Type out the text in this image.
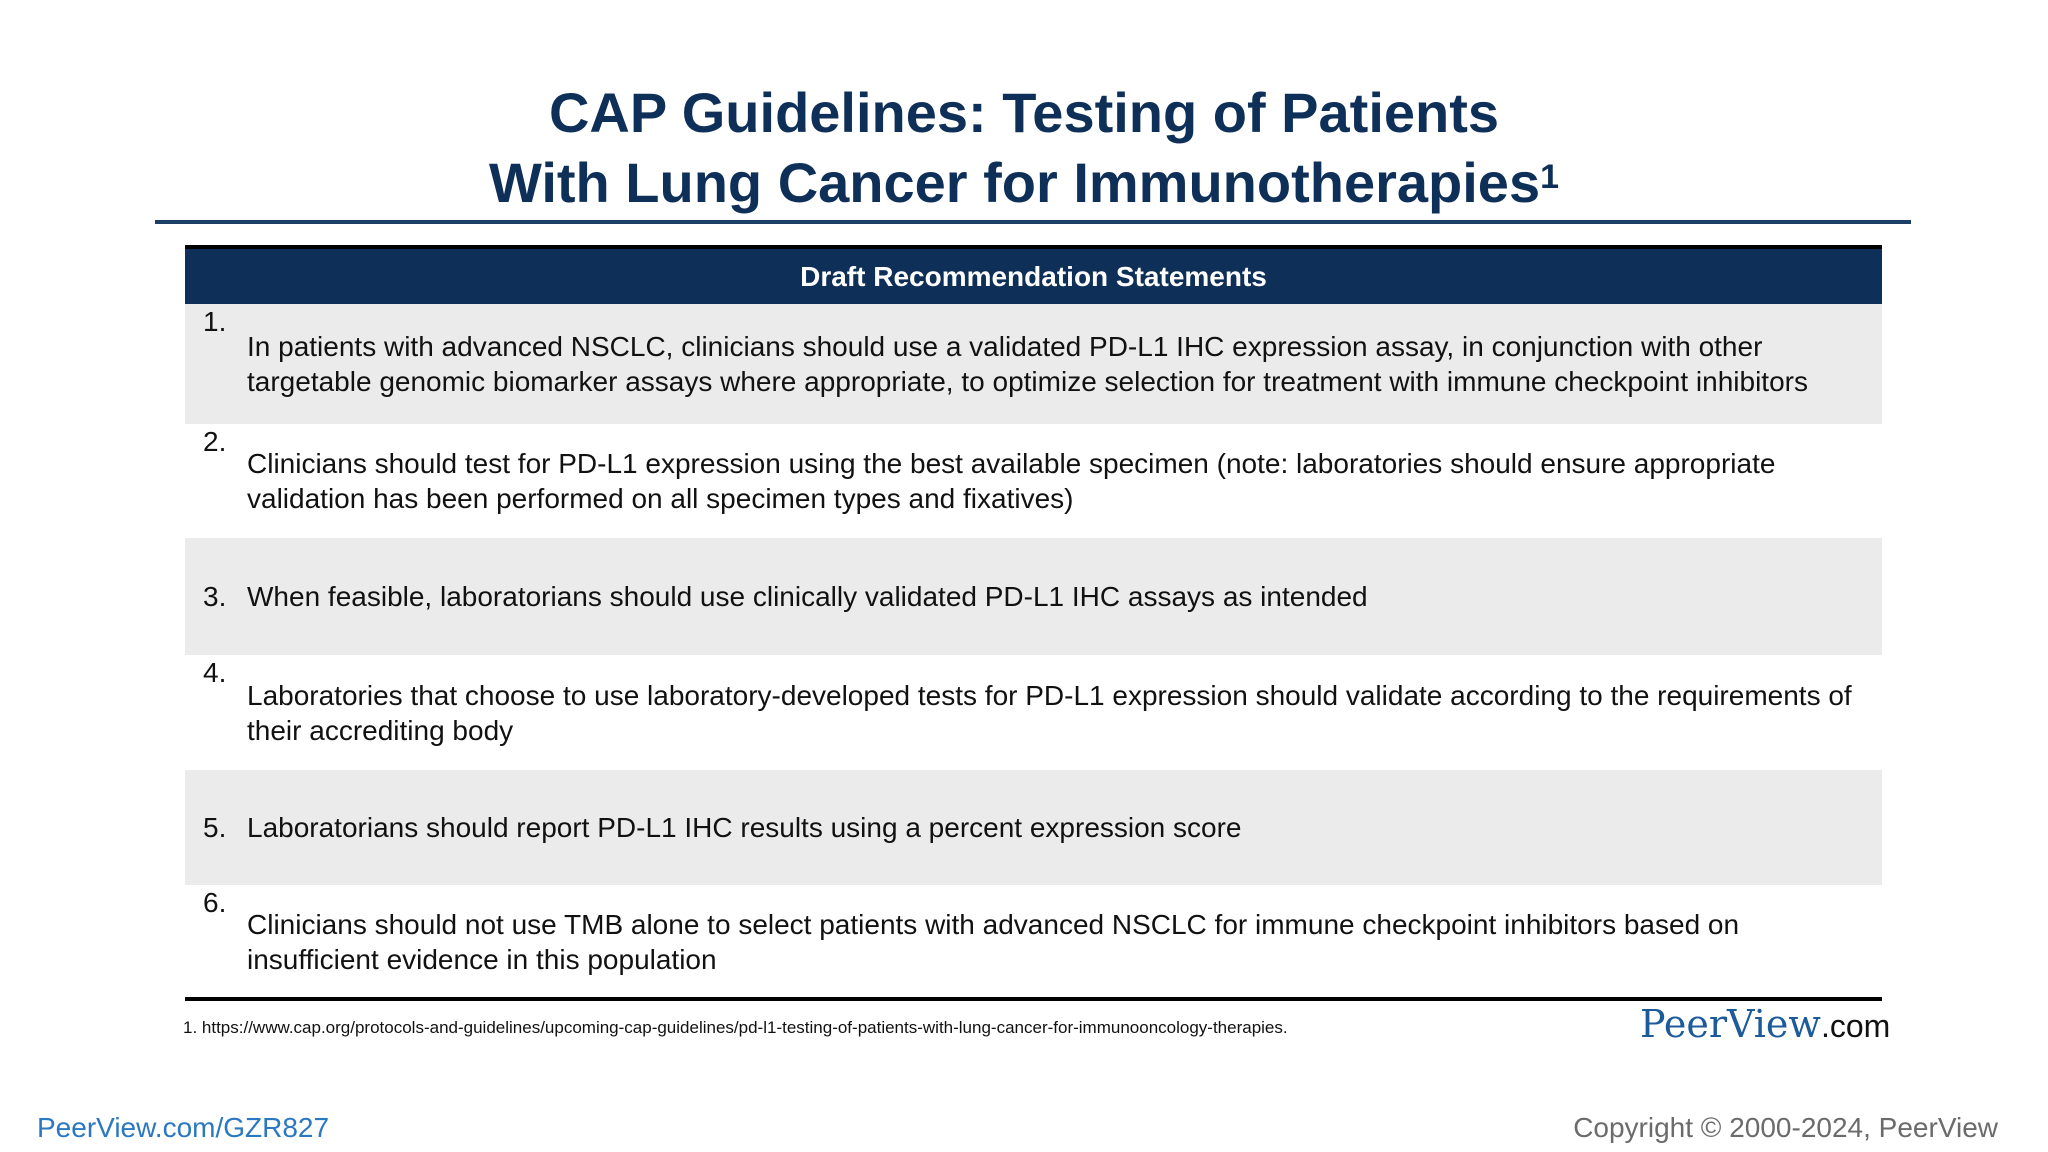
CAP Guidelines: Testing of Patients
With Lung Cancer for Immunotherapies$^1$
Draft Recommendation Statements
1.
In patients with advanced NSCLC, clinicians should use a validated PD-L1 IHC expression assay, in conjunction with other targetable genomic biomarker assays where appropriate, to optimize selection for treatment with immune checkpoint inhibitors
2.
Clinicians should test for PD-L1 expression using the best available specimen (note: laboratories should ensure appropriate validation has been performed on all specimen types and fixatives)
3. When feasible, laboratorians should use clinically validated PD-L1 IHC assays as intended
4.
Laboratories that choose to use laboratory-developed tests for PD-L1 expression should validate according to the requirements of their accrediting body
5. Laboratorians should report PD-L1 IHC results using a percent expression score
6.
Clinicians should not use TMB alone to select patients with advanced NSCLC for immune checkpoint inhibitors based on insufficient evidence in this population
1. https://www.cap.org/protocols-and-guidelines/upcoming-cap-guidelines/pd-l1-testing-of-patients-with-lung-cancer-for-immunooncology-therapies.	PeerView.com
PeerView.com/GZR827	Copyright © 2000-2024, PeerView
